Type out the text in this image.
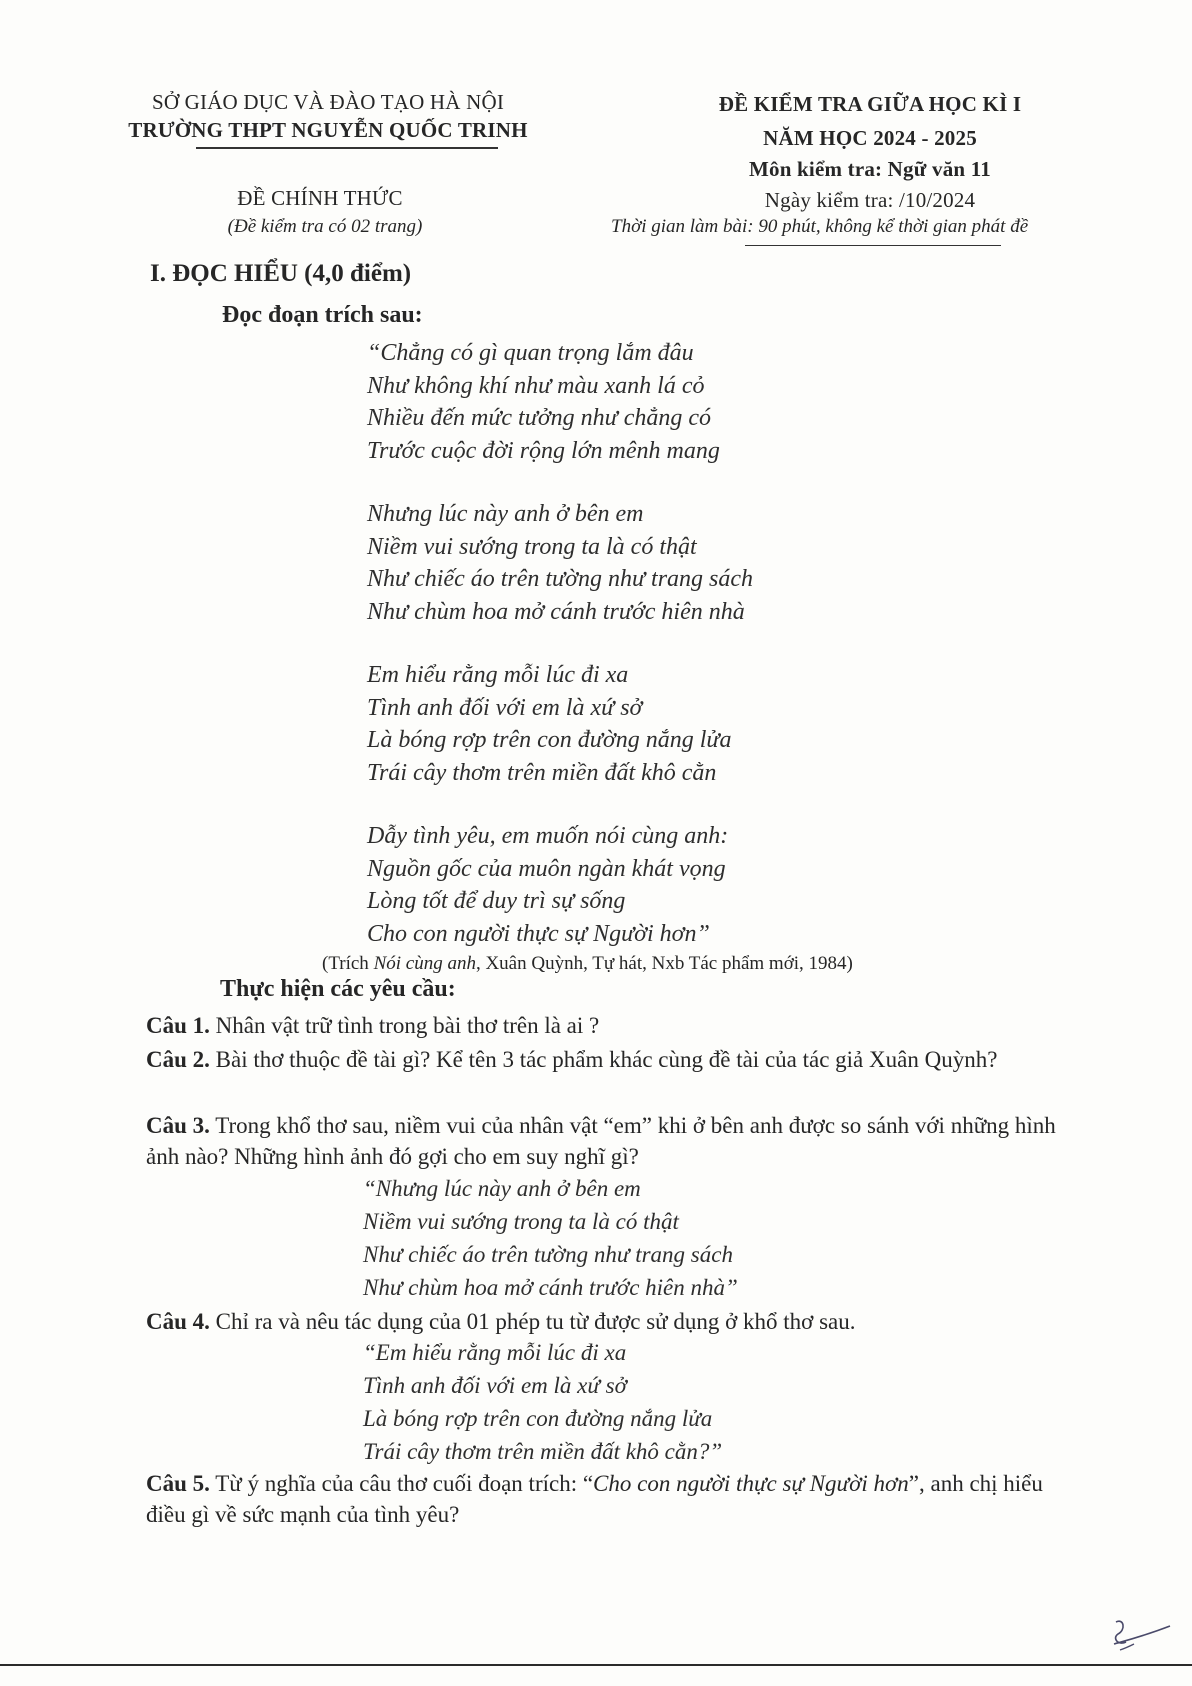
SỞ GIÁO DỤC VÀ ĐÀO TẠO HÀ NỘI
TRƯỜNG THPT NGUYỄN QUỐC TRINH
ĐỀ CHÍNH THỨC
(Đề kiểm tra có 02 trang)
ĐỀ KIỂM TRA GIỮA HỌC KÌ I
NĂM HỌC 2024 - 2025
Môn kiểm tra: Ngữ văn 11
Ngày kiểm tra: /10/2024
Thời gian làm bài: 90 phút, không kể thời gian phát đề
I. ĐỌC HIỂU (4,0 điểm)
Đọc đoạn trích sau:
“Chẳng có gì quan trọng lắm đâu
Như không khí như màu xanh lá cỏ
Nhiều đến mức tưởng như chẳng có
Trước cuộc đời rộng lớn mênh mang
Nhưng lúc này anh ở bên em
Niềm vui sướng trong ta là có thật
Như chiếc áo trên tường như trang sách
Như chùm hoa mở cánh trước hiên nhà
Em hiểu rằng mỗi lúc đi xa
Tình anh đối với em là xứ sở
Là bóng rợp trên con đường nắng lửa
Trái cây thơm trên miền đất khô cằn
Dẫy tình yêu, em muốn nói cùng anh:
Nguồn gốc của muôn ngàn khát vọng
Lòng tốt để duy trì sự sống
Cho con người thực sự Người hơn”
(Trích Nói cùng anh, Xuân Quỳnh, Tự hát, Nxb Tác phẩm mới, 1984)
Thực hiện các yêu cầu:
Câu 1. Nhân vật trữ tình trong bài thơ trên là ai ?
Câu 2. Bài thơ thuộc đề tài gì? Kể tên 3 tác phẩm khác cùng đề tài của tác giả Xuân Quỳnh?
Câu 3. Trong khổ thơ sau, niềm vui của nhân vật “em” khi ở bên anh được so sánh với những hình ảnh nào? Những hình ảnh đó gợi cho em suy nghĩ gì?
“Nhưng lúc này anh ở bên em
Niềm vui sướng trong ta là có thật
Như chiếc áo trên tường như trang sách
Như chùm hoa mở cánh trước hiên nhà”
Câu 4. Chỉ ra và nêu tác dụng của 01 phép tu từ được sử dụng ở khổ thơ sau.
“Em hiểu rằng mỗi lúc đi xa
Tình anh đối với em là xứ sở
Là bóng rợp trên con đường nắng lửa
Trái cây thơm trên miền đất khô cằn?”
Câu 5. Từ ý nghĩa của câu thơ cuối đoạn trích: “Cho con người thực sự Người hơn”, anh chị hiểu điều gì về sức mạnh của tình yêu?
